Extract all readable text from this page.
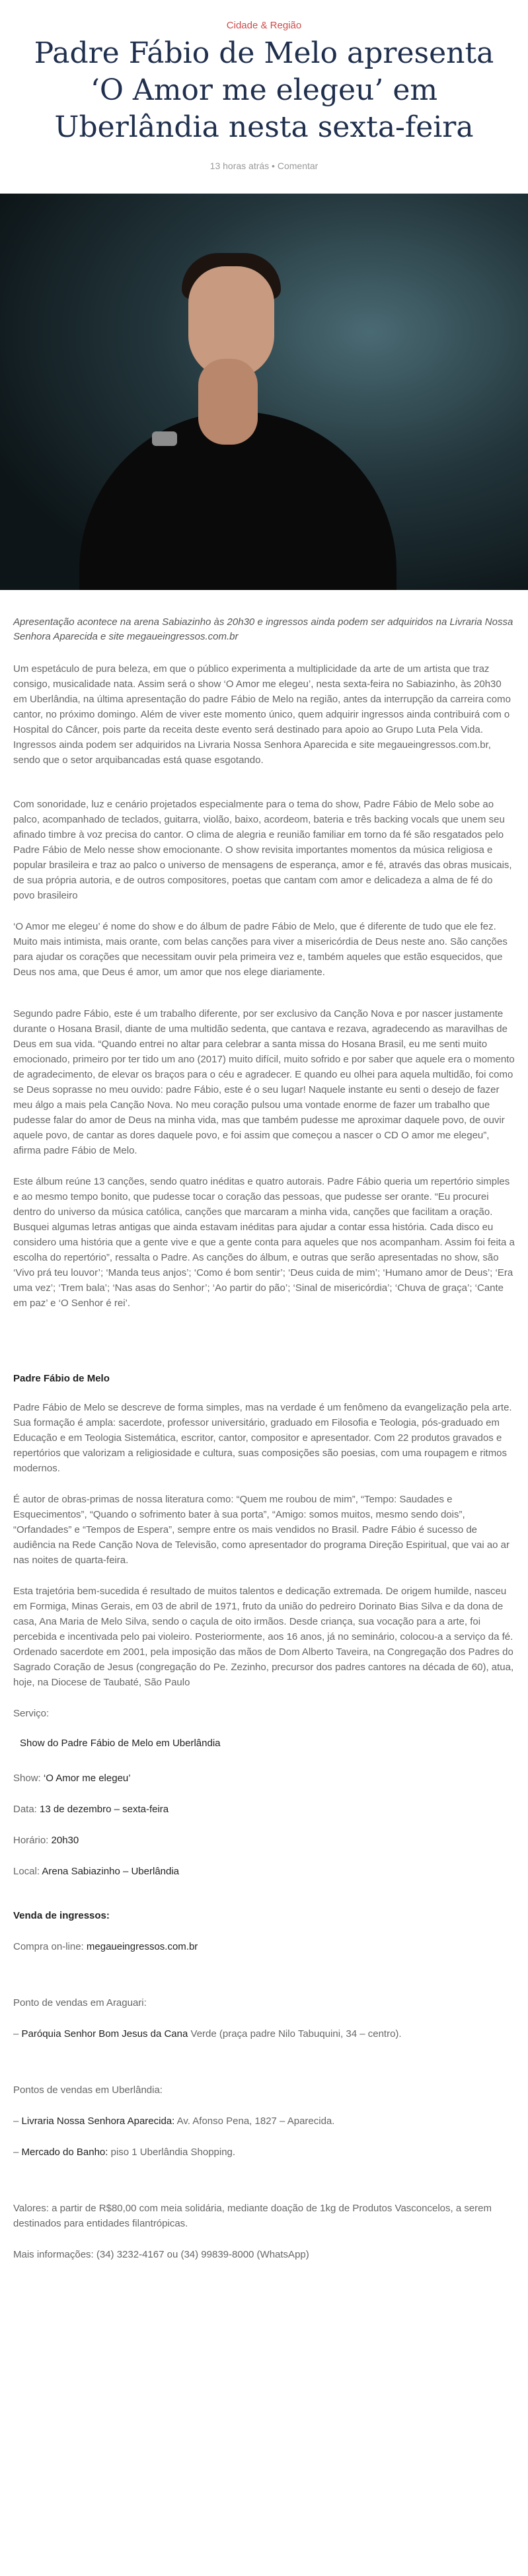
Cidade & Região
Padre Fábio de Melo apresenta ‘O Amor me elegeu’ em Uberlândia nesta sexta-feira
13 horas atrás • Comentar

Apresentação acontece na arena Sabiazinho às 20h30 e ingressos ainda podem ser adquiridos na Livraria Nossa Senhora Aparecida e site megaueingressos.com.br

Um espetáculo de pura beleza, em que o público experimenta a multiplicidade da arte de um artista que traz consigo, musicalidade nata. Assim será o show ‘O Amor me elegeu’, nesta sexta-feira no Sabiazinho, às 20h30 em Uberlândia, na última apresentação do padre Fábio de Melo na região, antes da interrupção da carreira como cantor, no próximo domingo. Além de viver este momento único, quem adquirir ingressos ainda contribuirá com o Hospital do Câncer, pois parte da receita deste evento será destinado para apoio ao Grupo Luta Pela Vida. Ingressos ainda podem ser adquiridos na Livraria Nossa Senhora Aparecida e site megaueingressos.com.br, sendo que o setor arquibancadas está quase esgotando.

Com sonoridade, luz e cenário projetados especialmente para o tema do show, Padre Fábio de Melo sobe ao palco, acompanhado de teclados, guitarra, violão, baixo, acordeom, bateria e três backing vocals que unem seu afinado timbre à voz precisa do cantor. O clima de alegria e reunião familiar em torno da fé são resgatados pelo Padre Fábio de Melo nesse show emocionante. O show revisita importantes momentos da música religiosa e popular brasileira e traz ao palco o universo de mensagens de esperança, amor e fé, através das obras musicais, de sua própria autoria, e de outros compositores, poetas que cantam com amor e delicadeza a alma de fé do povo brasileiro

‘O Amor me elegeu’ é nome do show e do álbum de padre Fábio de Melo, que é diferente de tudo que ele fez. Muito mais intimista, mais orante, com belas canções para viver a misericórdia de Deus neste ano. São canções para ajudar os corações que necessitam ouvir pela primeira vez e, também aqueles que estão esquecidos, que Deus nos ama, que Deus é amor, um amor que nos elege diariamente.

Segundo padre Fábio, este é um trabalho diferente, por ser exclusivo da Canção Nova e por nascer justamente durante o Hosana Brasil, diante de uma multidão sedenta, que cantava e rezava, agradecendo as maravilhas de Deus em sua vida. “Quando entrei no altar para celebrar a santa missa do Hosana Brasil, eu me senti muito emocionado, primeiro por ter tido um ano (2017) muito difícil, muito sofrido e por saber que aquele era o momento de agradecimento, de elevar os braços para o céu e agradecer. E quando eu olhei para aquela multidão, foi como se Deus soprasse no meu ouvido: padre Fábio, este é o seu lugar! Naquele instante eu senti o desejo de fazer meu álgo a mais pela Canção Nova. No meu coração pulsou uma vontade enorme de fazer um trabalho que pudesse falar do amor de Deus na minha vida, mas que também pudesse me aproximar daquele povo, de ouvir aquele povo, de cantar as dores daquele povo, e foi assim que começou a nascer o CD O amor me elegeu”, afirma padre Fábio de Melo.

Este álbum reúne 13 canções, sendo quatro inéditas e quatro autorais. Padre Fábio queria um repertório simples e ao mesmo tempo bonito, que pudesse tocar o coração das pessoas, que pudesse ser orante. “Eu procurei dentro do universo da música católica, canções que marcaram a minha vida, canções que facilitam a oração. Busquei algumas letras antigas que ainda estavam inéditas para ajudar a contar essa história. Cada disco eu considero uma história que a gente vive e que a gente conta para aqueles que nos acompanham. Assim foi feita a escolha do repertório”, ressalta o Padre. As canções do álbum, e outras que serão apresentadas no show, são ‘Vivo prá teu louvor’; ‘Manda teus anjos’; ‘Como é bom sentir’; ‘Deus cuida de mim’; ‘Humano amor de Deus’; ‘Era uma vez’; ‘Trem bala’; ‘Nas asas do Senhor’; ‘Ao partir do pão’; ‘Sinal de misericórdia’; ‘Chuva de graça’; ‘Cante em paz’ e ‘O Senhor é rei’.

Padre Fábio de Melo

Padre Fábio de Melo se descreve de forma simples, mas na verdade é um fenômeno da evangelização pela arte. Sua formação é ampla: sacerdote, professor universitário, graduado em Filosofia e Teologia, pós-graduado em Educação e em Teologia Sistemática, escritor, cantor, compositor e apresentador. Com 22 produtos gravados e repertórios que valorizam a religiosidade e cultura, suas composições são poesias, com uma roupagem e ritmos modernos.

É autor de obras-primas de nossa literatura como: “Quem me roubou de mim”, “Tempo: Saudades e Esquecimentos”, “Quando o sofrimento bater à sua porta”, “Amigo: somos muitos, mesmo sendo dois”, “Orfandades” e “Tempos de Espera”, sempre entre os mais vendidos no Brasil. Padre Fábio é sucesso de audiência na Rede Canção Nova de Televisão, como apresentador do programa Direção Espiritual, que vai ao ar nas noites de quarta-feira.

Esta trajetória bem-sucedida é resultado de muitos talentos e dedicação extremada. De origem humilde, nasceu em Formiga, Minas Gerais, em 03 de abril de 1971, fruto da união do pedreiro Dorinato Bias Silva e da dona de casa, Ana Maria de Melo Silva, sendo o caçula de oito irmãos. Desde criança, sua vocação para a arte, foi percebida e incentivada pelo pai violeiro. Posteriormente, aos 16 anos, já no seminário, colocou-a a serviço da fé. Ordenado sacerdote em 2001, pela imposição das mãos de Dom Alberto Taveira, na Congregação dos Padres do Sagrado Coração de Jesus (congregação do Pe. Zezinho, precursor dos padres cantores na década de 60), atua, hoje, na Diocese de Taubaté, São Paulo

Serviço:
Show do Padre Fábio de Melo em Uberlândia
Show: ‘O Amor me elegeu’
Data: 13 de dezembro – sexta-feira
Horário: 20h30
Local: Arena Sabiazinho – Uberlândia
Venda de ingressos:
Compra on-line: megaueingressos.com.br
Ponto de vendas em Araguari:
– Paróquia Senhor Bom Jesus da Cana Verde (praça padre Nilo Tabuquini, 34 – centro).
Pontos de vendas em Uberlândia:
– Livraria Nossa Senhora Aparecida: Av. Afonso Pena, 1827 – Aparecida.
– Mercado do Banho: piso 1 Uberlândia Shopping.
Valores: a partir de R$80,00 com meia solidária, mediante doação de 1kg de Produtos Vasconcelos, a serem destinados para entidades filantrópicas.
Mais informações: (34) 3232-4167 ou (34) 99839-8000 (WhatsApp)
